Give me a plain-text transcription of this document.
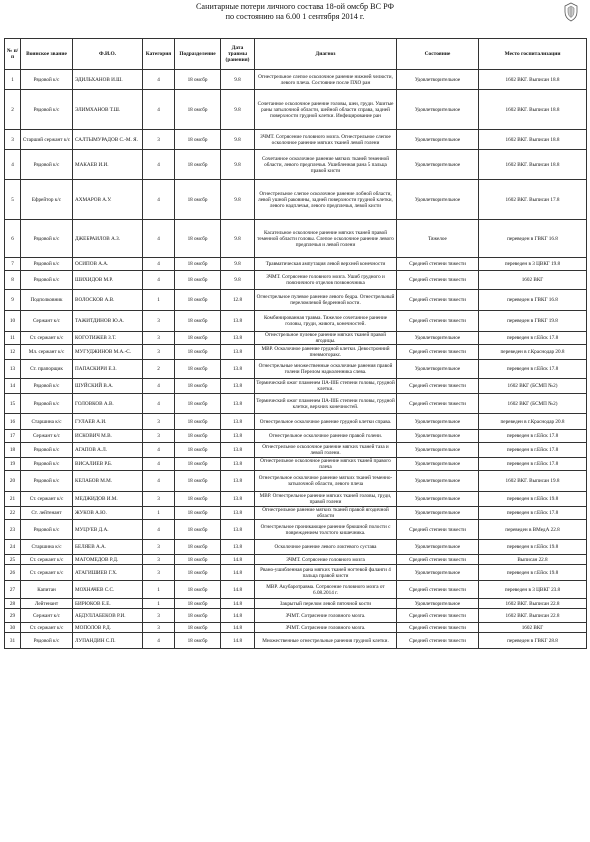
Санитарные потери личного состава 18-ой омсбр ВС РФ
по состоянию на 6.00 1 сентября 2014 г.
№ п/п	Воинское звание	Ф.И.О.	Категория	Подразделение	Дата травмы (ранения)	Диагноз	Состояние	Место госпитализации
1	Рядовой к/с	ЭДИЛЬХАНОВ И.Ш.	4	18 омсбр	9.8	Огнестрельное слепое осколочное ранение нижней челюсти, левого плеча. Состояние после ПХО ран	Удовлетворительное	1602 ВКГ. Выписан 18.8
2	Рядовой к/с	ЭЛИМХАНОВ Т.Ш.	4	18 омсбр	9.8	Сочетанное осколочное ранение головы, шеи, груди. Ушитые раны затылочной области, шейной области справа, задней поверхности грудной клетки. Инфицирование ран	Удовлетворительное	1602 ВКГ. Выписан 18.8
3	Старший сержант к/с	САЛТЫМУРАДОВ С.-М. Я.	3	18 омсбр	9.8	ЗЧМТ. Сотрясение головного мозга. Огнестрельное слепое осколочное ранение мягких тканей левой голени	Удовлетворительное	1602 ВКГ. Выписан 18.8
4	Рядовой к/с	МАКАЕВ И.И.	4	18 омсбр	9.8	Сочетанное осколочное ранение мягких тканей теменной области, левого предплечья. Ушибленная рана 5 пальца правой кисти	Удовлетворительное	1602 ВКГ. Выписан 18.8
5	Ефрейтор к/с	АХМАРОВ А.У.	4	18 омсбр	9.8	Огнестрельное слепое осколочное ранение лобной области, левой ушной раковины, задней поверхности грудной клетки, левого надплечья, левого предплечья, левой кисти	Удовлетворительное	1602 ВКГ. Выписан 17.8
6	Рядовой к/с	ДЖЕБРАИЛОВ А.З.	4	18 омсбр	9.8	Касательное осколочное ранение мягких тканей правой теменной области головы. Слепое осколочное ранение левого предплечья и левой голени	Тяжелое	переведен в ГВКГ 16.8
7	Рядовой к/с	ОСИПОВ А.А.	4	18 омсбр	9.8	Травматическая ампутация левой верхней конечности	Средней степени тяжести	переведен в 3 ЦВКГ 19.8
8	Рядовой к/с	ШИХИДОВ М.Р.	4	18 омсбр	9.8	ЗЧМТ. Сотрясение головного мозга. Ушиб грудного и поясничного отделов позвоночника	Средней степени тяжести	1602 ВКГ
9	Подполковник	ВОЛОСКОВ А.В.	1	18 омсбр	12.8	Огнестрельное пулевое ранение левого бедра. Огнестрельный переломлевой бедренной кости.	Средней степени тяжести	переведен в ГВКГ 16.8
10	Сержант к/с	ТАЖИТДИНОВ Ю.А.	3	18 омсбр	13.8	Комбинированная травма. Тяжелое сочетанное ранение головы, груди, живота, конечностей.	Средней степени тяжести	переведен в ГВКГ 19.8
11	Ст. сержант к/с	КОГОТИЖЕВ З.Т.	3	18 омсбр	13.8	Огнестрельное пулевое ранение мягких тканей правой ягодицы.	Удовлетворительное	переведен в г.Ейск 17.8
12	Мл. сержант к/с	МУГУДЖИНОВ М.А.-С.	3	18 омсбр	13.8	МВР. Осколочное ранение грудной клетки. Девостронний пневмоторакс.	Средней степени тяжести	переведен в г.Краснодар 20.8
13	Ст. прапорщик	ПАПАСКИРИ Е.З.	2	18 омсбр	13.8	Огнестрельные множественные осколочные ранения правой голени Перелом надколенника слева.	Удовлетворительное	переведен в г.Ейск 17.8
14	Рядовой к/с	ШУЙСКИЙ В.А.	4	18 омсбр	13.8	Термический ожог пламенем IIА-IIIБ степени головы, грудной клетки.	Средней степени тяжести	1602 ВКГ (БСМП №2)
15	Рядовой к/с	ГОЛОВКОВ А.В.	4	18 омсбр	13.8	Термический ожог пламенем IIА-IIIБ степени головы, грудной клетки, верхних конечностей.	Средней степени тяжести	1602 ВКГ (БСМП №2)
16	Старшина к/с	ГУЛАЕВ А.И.	3	18 омсбр	13.8	Огнестрельное осколочное ранение грудной клетки справа.	Удовлетворительное	переведен в г.Краснодар 20.8
17	Сержант к/с	ИСКОВИЧ М.В.	3	18 омсбр	13.8	Огнестрельное осколочное ранение правой голени.	Удовлетворительное	переведен в г.Ейск 17.8
18	Рядовой к/с	АГАПОВ А.Л.	4	18 омсбр	13.8	Огнестрельное осколочное ранение мягких тканей таза и левой голени.	Удовлетворительное	переведен в г.Ейск 17.8
19	Рядовой к/с	ВИСАЛИЕВ Р.Б.	4	18 омсбр	13.8	Огнестрельное осколочное ранение мягких тканей правого плеча	Удовлетворительное	переведен в г.Ейск 17.8
20	Рядовой к/с	КЕЛАБОВ М.М.	4	18 омсбр	13.8	Огнестрельное осколочное ранение мягких тканей теменно-затылочной области, левого плеча	Удовлетворительное	1602 ВКГ. Выписан 19.8
21	Ст. сержант к/с	МЕДЖИДОВ И.М.	3	18 омсбр	13.8	МВР. Огнестрельное ранение мягких тканей головы, груди, правой голени	Удовлетворительное	переведен в г.Ейск 19.8
22	Ст. лейтенант	ЖУКОВ А.Ю.	1	18 омсбр	13.8	Огнестрельное ранение мягких тканей правой ягодичной области	Удовлетворительное	переведен в г.Ейск 17.8
23	Рядовой к/с	МУЦУЕВ Д.А.	4	18 омсбр	13.8	Огнестрельное проникающее ранение брюшной полости с повреждением толстого кишечника.	Средней степени тяжести	переведен в ВМедА 22.8
24	Старшина к/с	БЕЛЯЕВ А.А.	3	18 омсбр	13.8	Осколочное ранение левого локтевого сустава	Удовлетворительное	переведен в г.Ейск 19.8
25	Ст. сержант к/с	МАГОМЕДОВ Р.Д.	3	18 омсбр	14.8	ЗЧМТ. Сотрясение головного мозга	Средней степени тяжести	Выписан 22.8
26	Ст. сержант к/с	АТАГИШИЕВ Г.Х.	3	18 омсбр	14.8	Рвано-ушибленная рана мягких тканей ногтевой фаланги 4 пальца правой кисти	Удовлетворительное	переведен в г.Ейск 19.8
27	Капитан	МОХНАЧЕВ С.С.	1	18 омсбр	14.8	МВР. Акубаротравма. Сотрясение головного мозга от 6.08.2014 г.	Средней степени тяжести	переведен в 3 ЦВКГ 23.8
28	Лейтенант	БИРЮКОВ Е.Е.	1	18 омсбр	14.8	Закрытый перелом левой пяточной кости	Удовлетворительное	1602 ВКГ. Выписан 22.8
29	Сержант к/с	АБДУЛЛАБЕКОВ Р.И.	3	18 омсбр	14.8	ЗЧМТ. Сотрясение головного мозга.	Средней степени тяжести	1602 ВКГ. Выписан 22.8
30	Ст. сержант к/с	МОПОЛОВ Р.Д.	3	18 омсбр	14.8	ЗЧМТ. Сотрясение головного мозга.	Средней степени тяжести	1602 ВКГ
31	Рядовой к/с	ЛУПАНДИН С.П.	4	18 омсбр	14.8	Множественные огнестрельные ранения грудной клетки.	Средней степени тяжести	переведен в ГВКГ 28.8
